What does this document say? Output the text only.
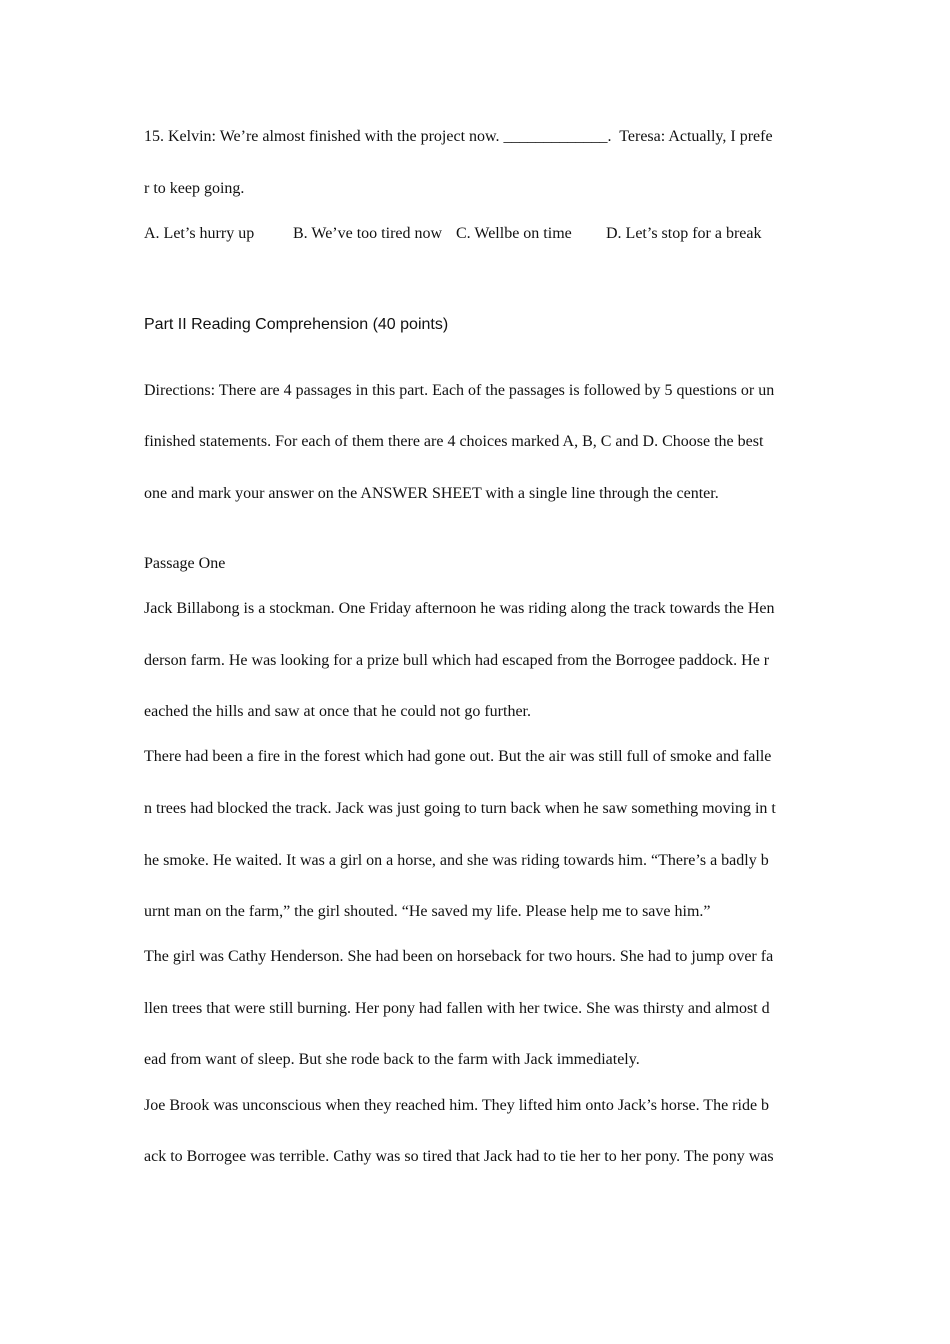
15. Kelvin: We’re almost finished with the project now. _____________.  Teresa: Actually, I prefe
r to keep going.
A. Let’s hurry up B. We’ve too tired now C. Wellbe on time D. Let’s stop for a break
Part II Reading Comprehension (40 points)
Directions: There are 4 passages in this part. Each of the passages is followed by 5 questions or un
finished statements. For each of them there are 4 choices marked A, B, C and D. Choose the best
one and mark your answer on the ANSWER SHEET with a single line through the center.
Passage One
Jack Billabong is a stockman. One Friday afternoon he was riding along the track towards the Hen
derson farm. He was looking for a prize bull which had escaped from the Borrogee paddock. He r
eached the hills and saw at once that he could not go further.
There had been a fire in the forest which had gone out. But the air was still full of smoke and falle
n trees had blocked the track. Jack was just going to turn back when he saw something moving in t
he smoke. He waited. It was a girl on a horse, and she was riding towards him. “There’s a badly b
urnt man on the farm,” the girl shouted. “He saved my life. Please help me to save him.”
The girl was Cathy Henderson. She had been on horseback for two hours. She had to jump over fa
llen trees that were still burning. Her pony had fallen with her twice. She was thirsty and almost d
ead from want of sleep. But she rode back to the farm with Jack immediately.
Joe Brook was unconscious when they reached him. They lifted him onto Jack’s horse. The ride b
ack to Borrogee was terrible. Cathy was so tired that Jack had to tie her to her pony. The pony was
